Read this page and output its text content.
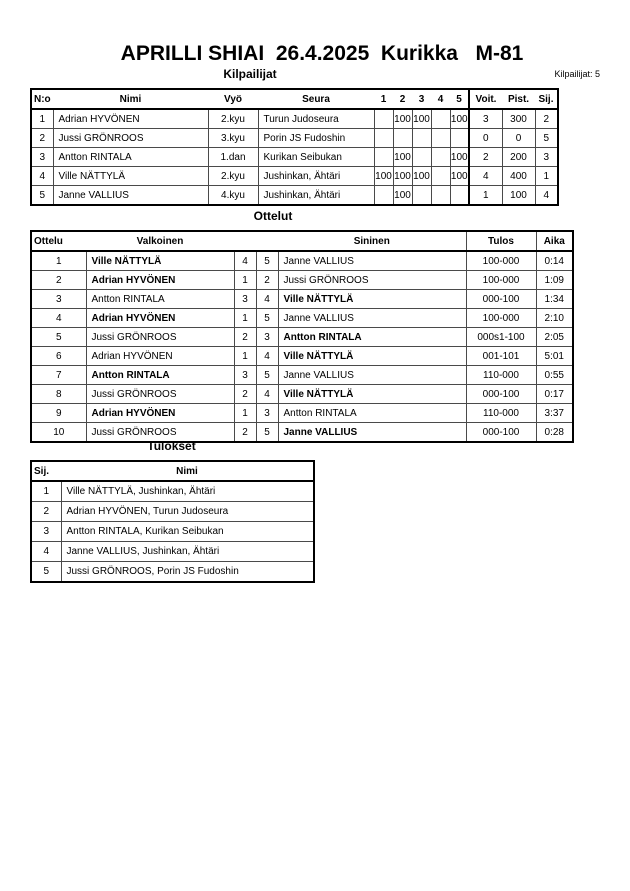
APRILLI SHIAI  26.4.2025  Kurikka   M-81
Kilpailijat: 5
Kilpailijat
N:o	Nimi	Vyö	Seura	1	2	3	4	5	Voit.	Pist.	Sij.
1	Adrian HYVÖNEN	2.kyu	Turun Judoseura		100	100		100	3	300	2
2	Jussi GRÖNROOS	3.kyu	Porin JS Fudoshin						0	0	5
3	Antton RINTALA	1.dan	Kurikan Seibukan		100			100	2	200	3
4	Ville NÄTTYLÄ	2.kyu	Jushinkan, Ähtäri	100	100	100		100	4	400	1
5	Janne VALLIUS	4.kyu	Jushinkan, Ähtäri		100				1	100	4
Ottelut
Ottelu	Valkoinen			Sininen	Tulos	Aika
1	Ville NÄTTYLÄ	4	5	Janne VALLIUS	100-000	0:14
2	Adrian HYVÖNEN	1	2	Jussi GRÖNROOS	100-000	1:09
3	Antton RINTALA	3	4	Ville NÄTTYLÄ	000-100	1:34
4	Adrian HYVÖNEN	1	5	Janne VALLIUS	100-000	2:10
5	Jussi GRÖNROOS	2	3	Antton RINTALA	000s1-100	2:05
6	Adrian HYVÖNEN	1	4	Ville NÄTTYLÄ	001-101	5:01
7	Antton RINTALA	3	5	Janne VALLIUS	110-000	0:55
8	Jussi GRÖNROOS	2	4	Ville NÄTTYLÄ	000-100	0:17
9	Adrian HYVÖNEN	1	3	Antton RINTALA	110-000	3:37
10	Jussi GRÖNROOS	2	5	Janne VALLIUS	000-100	0:28
Tulokset
Sij.	Nimi
1	Ville NÄTTYLÄ, Jushinkan, Ähtäri
2	Adrian HYVÖNEN, Turun Judoseura
3	Antton RINTALA, Kurikan Seibukan
4	Janne VALLIUS, Jushinkan, Ähtäri
5	Jussi GRÖNROOS, Porin JS Fudoshin
